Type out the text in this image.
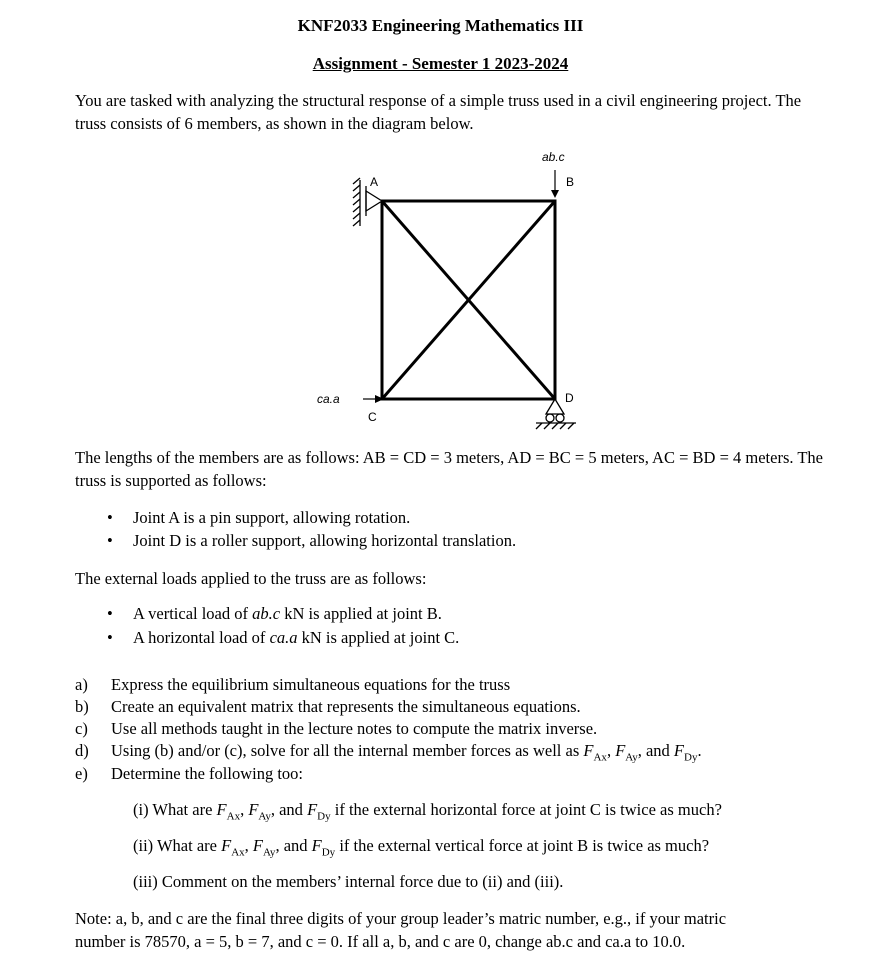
KNF2033 Engineering Mathematics III
Assignment - Semester 1 2023-2024
You are tasked with analyzing the structural response of a simple truss used in a civil engineering project. The truss consists of 6 members, as shown in the diagram below.
ab.c
A	B
C
D
ca.a
The lengths of the members are as follows: AB = CD = 3 meters, AD = BC = 5 meters, AC = BD = 4 meters. The truss is supported as follows:
• Joint A is a pin support, allowing rotation.
• Joint D is a roller support, allowing horizontal translation.
The external loads applied to the truss are as follows:
• A vertical load of ab.c kN is applied at joint B.
• A horizontal load of ca.a kN is applied at joint C.
a) Express the equilibrium simultaneous equations for the truss
b) Create an equivalent matrix that represents the simultaneous equations.
c) Use all methods taught in the lecture notes to compute the matrix inverse.
d) Using (b) and/or (c), solve for all the internal member forces as well as $F_{Ax}$, $F_{Ay}$, and $F_{Dy}$.
e) Determine the following too:
(i) What are $F_{Ax}$, $F_{Ay}$, and $F_{Dy}$ if the external horizontal force at joint C is twice as much?
(ii) What are $F_{Ax}$, $F_{Ay}$, and $F_{Dy}$ if the external vertical force at joint B is twice as much?
(iii) Comment on the members’ internal force due to (ii) and (iii).
Note: a, b, and c are the final three digits of your group leader’s matric number, e.g., if your matric
number is 78570, a = 5, b = 7, and c = 0. If all a, b, and c are 0, change ab.c and ca.a to 10.0.
